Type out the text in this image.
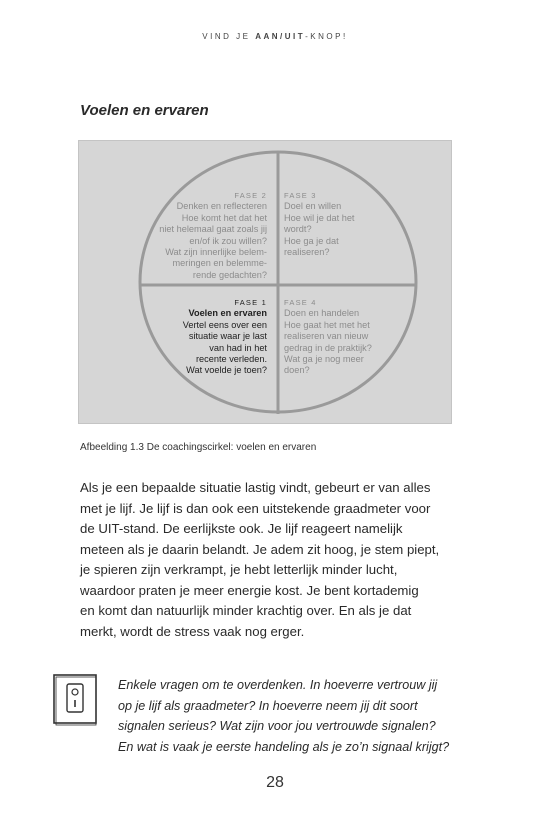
VIND JE AAN/UIT-KNOP!
Voelen en ervaren
FASE 2
Denken en reflecteren
Hoe komt het dat het
niet helemaal gaat zoals jij
en/of ik zou willen?
Wat zijn innerlijke belem-
meringen en belemme-
rende gedachten?
FASE 3
Doel en willen
Hoe wil je dat het
wordt?
Hoe ga je dat
realiseren?
FASE 1
Voelen en ervaren
Vertel eens over een
situatie waar je last
van had in het
recente verleden.
Wat voelde je toen?
FASE 4
Doen en handelen
Hoe gaat het met het
realiseren van nieuw
gedrag in de praktijk?
Wat ga je nog meer
doen?
Afbeelding 1.3 De coachingscirkel: voelen en ervaren
Als je een bepaalde situatie lastig vindt, gebeurt er van alles
met je lijf. Je lijf is dan ook een uitstekende graadmeter voor
de UIT-stand. De eerlijkste ook. Je lijf reageert namelijk
meteen als je daarin belandt. Je adem zit hoog, je stem piept,
je spieren zijn verkrampt, je hebt letterlijk minder lucht,
waardoor praten je meer energie kost. Je bent kortademig
en komt dan natuurlijk minder krachtig over. En als je dat
merkt, wordt de stress vaak nog erger.
Enkele vragen om te overdenken. In hoeverre vertrouw jij
op je lijf als graadmeter? In hoeverre neem jij dit soort
signalen serieus? Wat zijn voor jou vertrouwde signalen?
En wat is vaak je eerste handeling als je zo’n signaal krijgt?
28
